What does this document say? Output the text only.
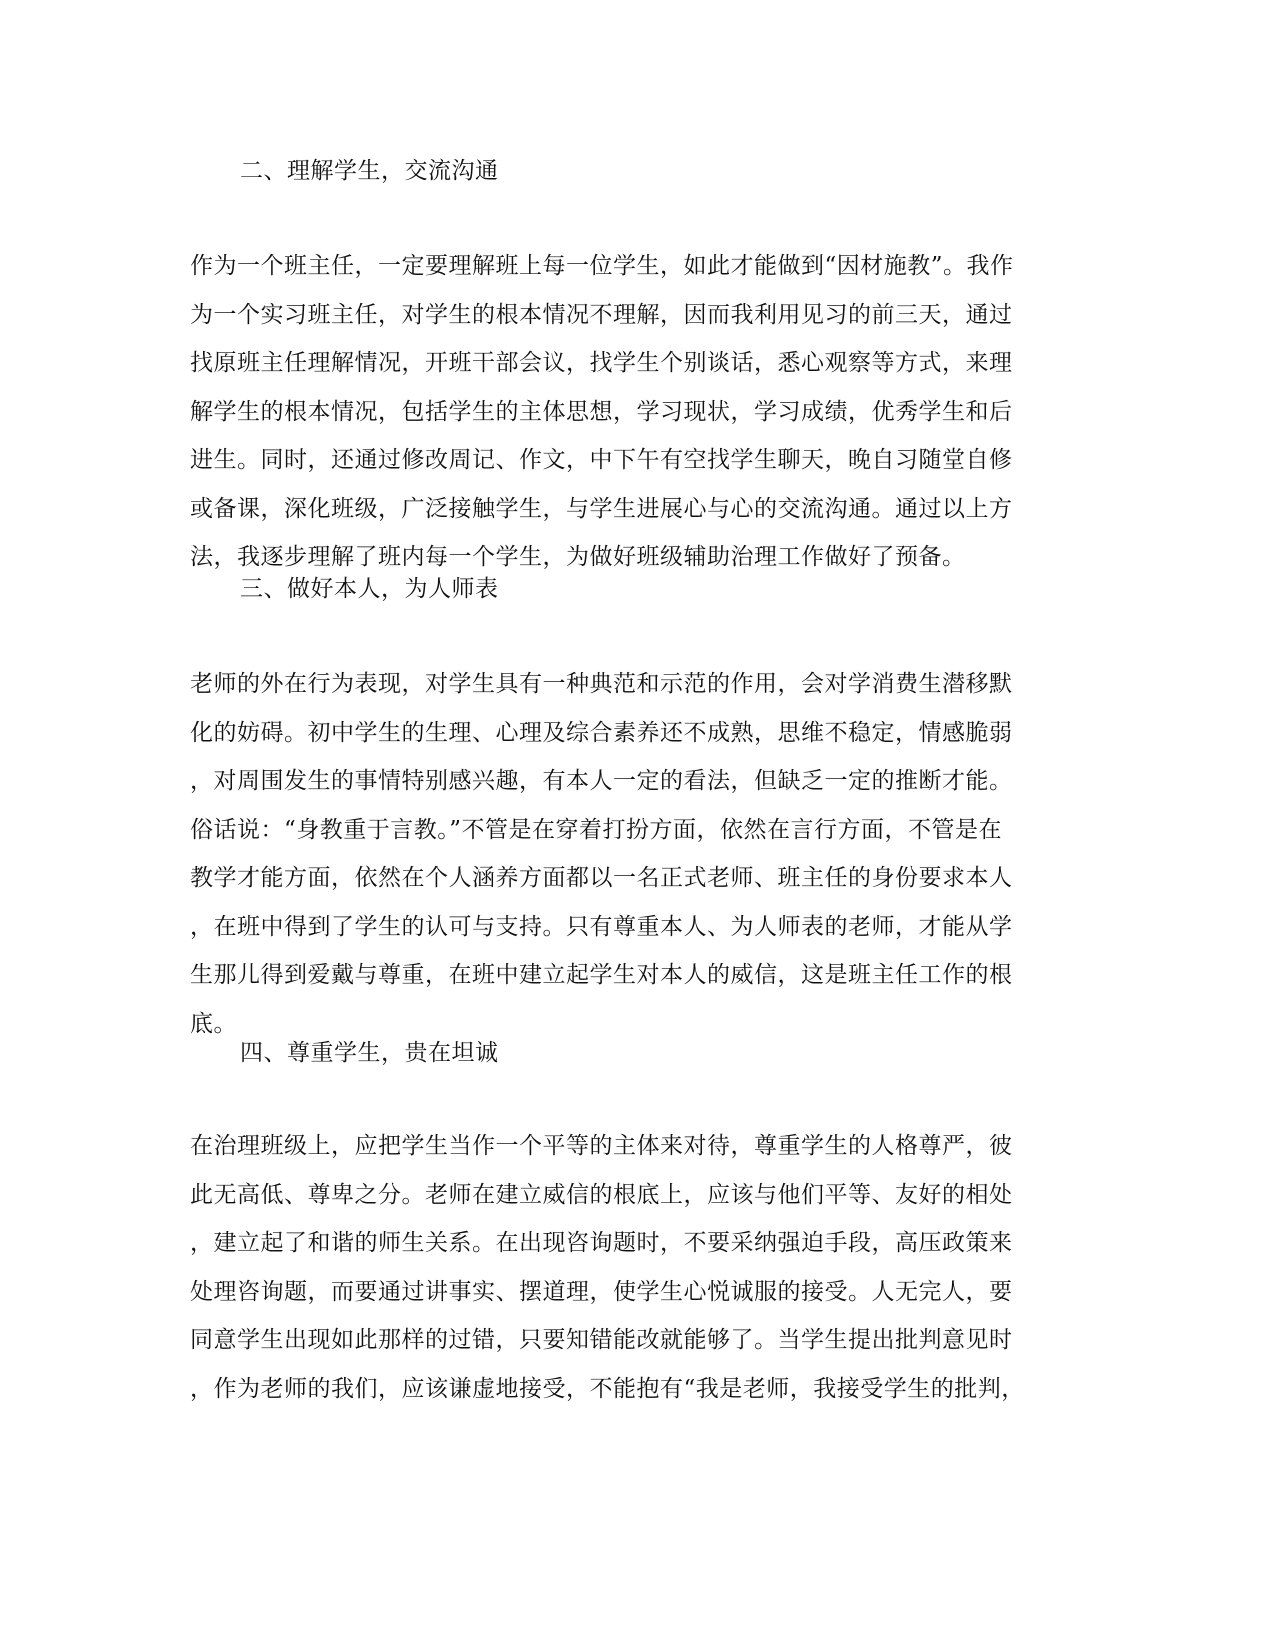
二、理解学生，交流沟通
作为一个班主任，一定要理解班上每一位学生，如此才能做到“因材施教”。我作
为一个实习班主任，对学生的根本情况不理解，因而我利用见习的前三天，通过
找原班主任理解情况，开班干部会议，找学生个别谈话，悉心观察等方式，来理
解学生的根本情况，包括学生的主体思想，学习现状，学习成绩，优秀学生和后
进生。同时，还通过修改周记、作文，中下午有空找学生聊天，晚自习随堂自修
或备课，深化班级，广泛接触学生，与学生进展心与心的交流沟通。通过以上方
法，我逐步理解了班内每一个学生，为做好班级辅助治理工作做好了预备。
三、做好本人，为人师表
老师的外在行为表现，对学生具有一种典范和示范的作用，会对学消费生潜移默
化的妨碍。初中学生的生理、心理及综合素养还不成熟，思维不稳定，情感脆弱
，对周围发生的事情特别感兴趣，有本人一定的看法，但缺乏一定的推断才能。
俗话说：“身教重于言教。”不管是在穿着打扮方面，依然在言行方面，不管是在
教学才能方面，依然在个人涵养方面都以一名正式老师、班主任的身份要求本人
，在班中得到了学生的认可与支持。只有尊重本人、为人师表的老师，才能从学
生那儿得到爱戴与尊重，在班中建立起学生对本人的威信，这是班主任工作的根
底。
四、尊重学生，贵在坦诚
在治理班级上，应把学生当作一个平等的主体来对待，尊重学生的人格尊严，彼
此无高低、尊卑之分。老师在建立威信的根底上，应该与他们平等、友好的相处
，建立起了和谐的师生关系。在出现咨询题时，不要采纳强迫手段，高压政策来
处理咨询题，而要通过讲事实、摆道理，使学生心悦诚服的接受。人无完人，要
同意学生出现如此那样的过错，只要知错能改就能够了。当学生提出批判意见时
，作为老师的我们，应该谦虚地接受，不能抱有“我是老师，我接受学生的批判，
